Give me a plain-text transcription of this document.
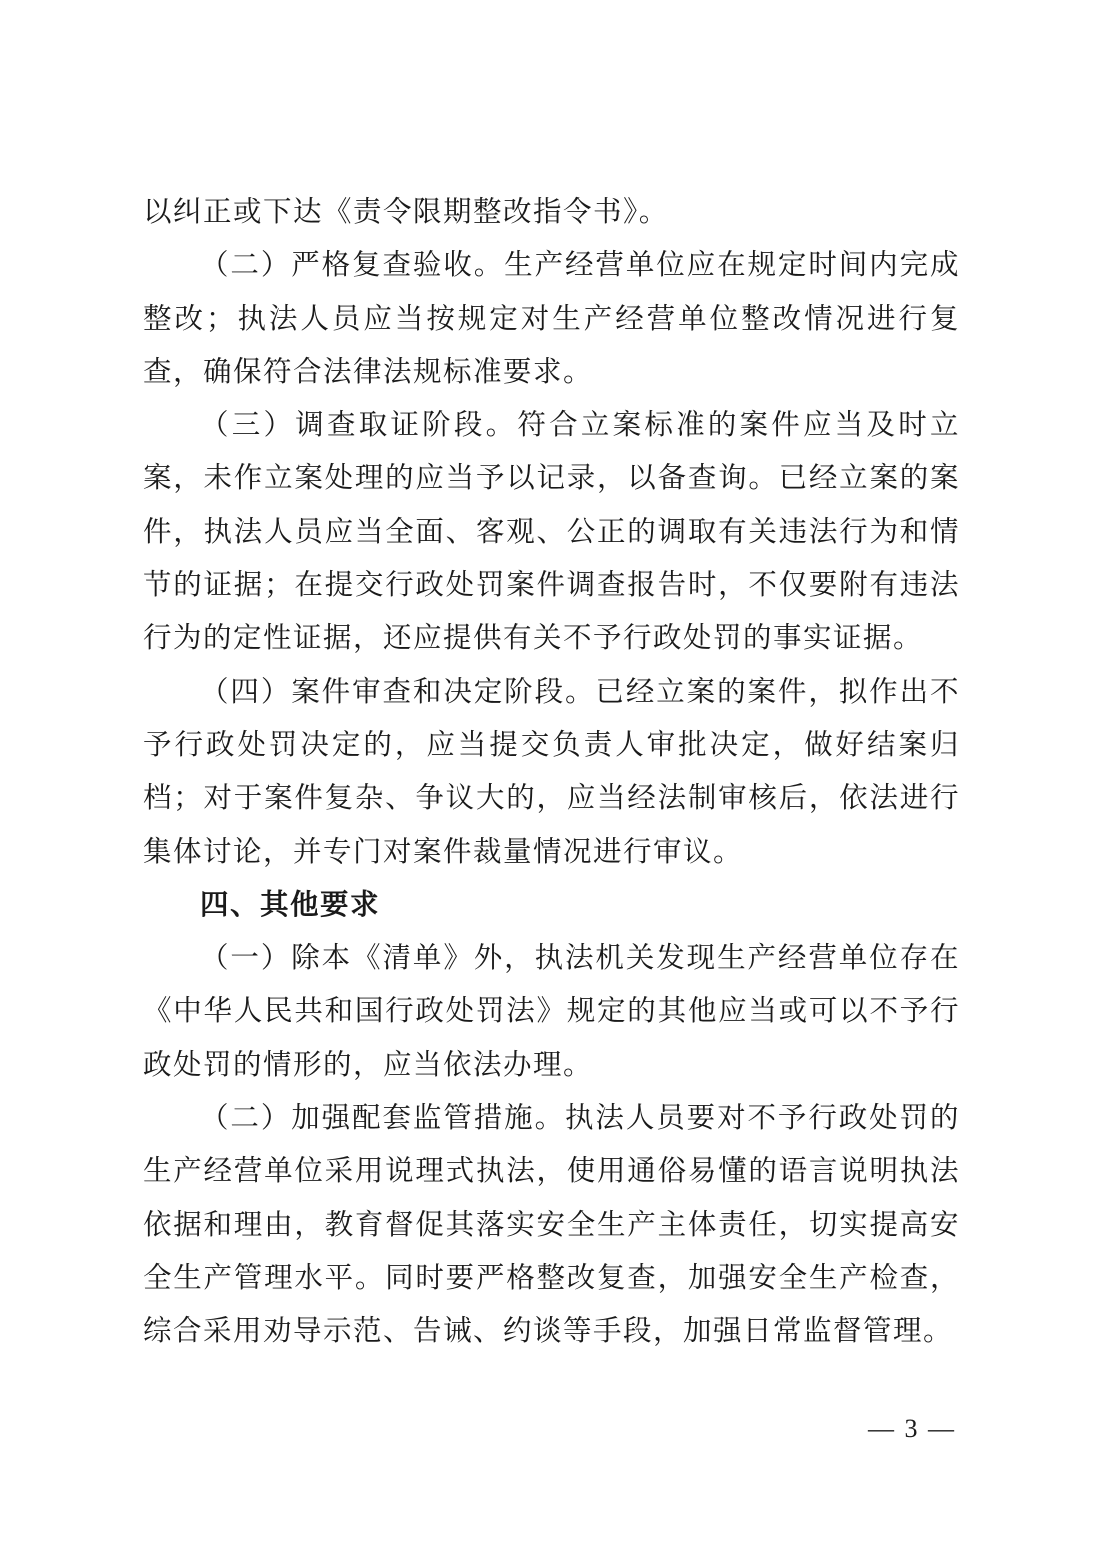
以纠正或下达《责令限期整改指令书》。

（二）严格复查验收。生产经营单位应在规定时间内完成整改；执法人员应当按规定对生产经营单位整改情况进行复查，确保符合法律法规标准要求。

（三）调查取证阶段。符合立案标准的案件应当及时立案，未作立案处理的应当予以记录，以备查询。已经立案的案件，执法人员应当全面、客观、公正的调取有关违法行为和情节的证据；在提交行政处罚案件调查报告时，不仅要附有违法行为的定性证据，还应提供有关不予行政处罚的事实证据。

（四）案件审查和决定阶段。已经立案的案件，拟作出不予行政处罚决定的，应当提交负责人审批决定，做好结案归档；对于案件复杂、争议大的，应当经法制审核后，依法进行集体讨论，并专门对案件裁量情况进行审议。

四、其他要求

（一）除本《清单》外，执法机关发现生产经营单位存在《中华人民共和国行政处罚法》规定的其他应当或可以不予行政处罚的情形的，应当依法办理。

（二）加强配套监管措施。执法人员要对不予行政处罚的生产经营单位采用说理式执法，使用通俗易懂的语言说明执法依据和理由，教育督促其落实安全生产主体责任，切实提高安全生产管理水平。同时要严格整改复查，加强安全生产检查，综合采用劝导示范、告诫、约谈等手段，加强日常监督管理。

— 3 —
